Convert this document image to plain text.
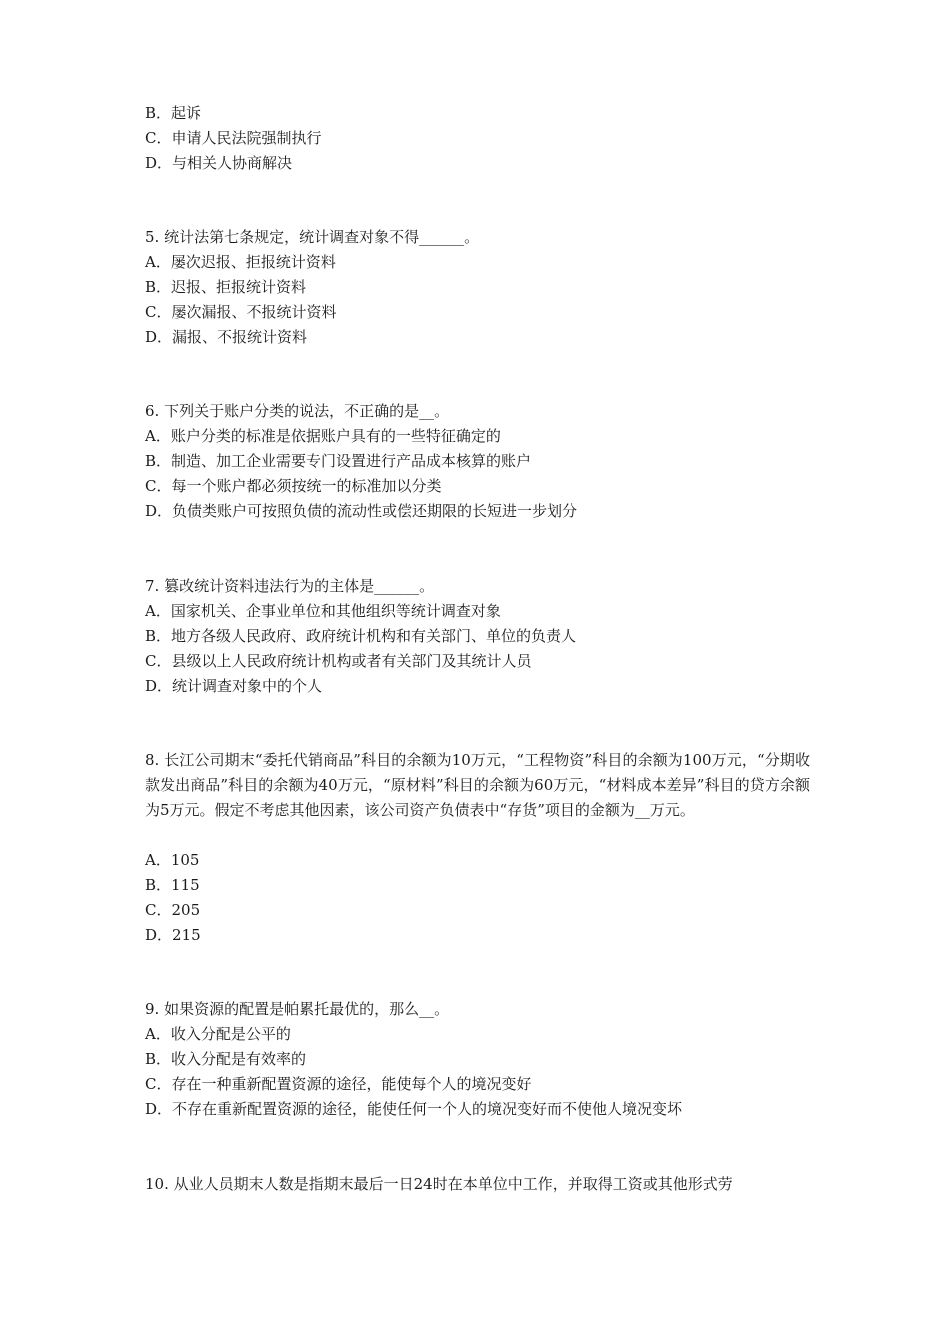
B．起诉
C．申请人民法院强制执行
D．与相关人协商解决
5. 统计法第七条规定，统计调查对象不得______。
A．屡次迟报、拒报统计资料
B．迟报、拒报统计资料
C．屡次漏报、不报统计资料
D．漏报、不报统计资料
6. 下列关于账户分类的说法，不正确的是__。
A．账户分类的标准是依据账户具有的一些特征确定的
B．制造、加工企业需要专门设置进行产品成本核算的账户
C．每一个账户都必须按统一的标准加以分类
D．负债类账户可按照负债的流动性或偿还期限的长短进一步划分
7. 篡改统计资料违法行为的主体是______。
A．国家机关、企事业单位和其他组织等统计调查对象
B．地方各级人民政府、政府统计机构和有关部门、单位的负责人
C．县级以上人民政府统计机构或者有关部门及其统计人员
D．统计调查对象中的个人
8. 长江公司期末“委托代销商品”科目的余额为10万元，“工程物资”科目的余额为100万元，“分期收款发出商品”科目的余额为40万元，“原材料”科目的余额为60万元，“材料成本差异”科目的贷方余额为5万元。假定不考虑其他因素，该公司资产负债表中“存货”项目的金额为__万元。
A．105
B．115
C．205
D．215
9. 如果资源的配置是帕累托最优的，那么__。
A．收入分配是公平的
B．收入分配是有效率的
C．存在一种重新配置资源的途径，能使每个人的境况变好
D．不存在重新配置资源的途径，能使任何一个人的境况变好而不使他人境况变坏
10. 从业人员期末人数是指期末最后一日24时在本单位中工作，并取得工资或其他形式劳
